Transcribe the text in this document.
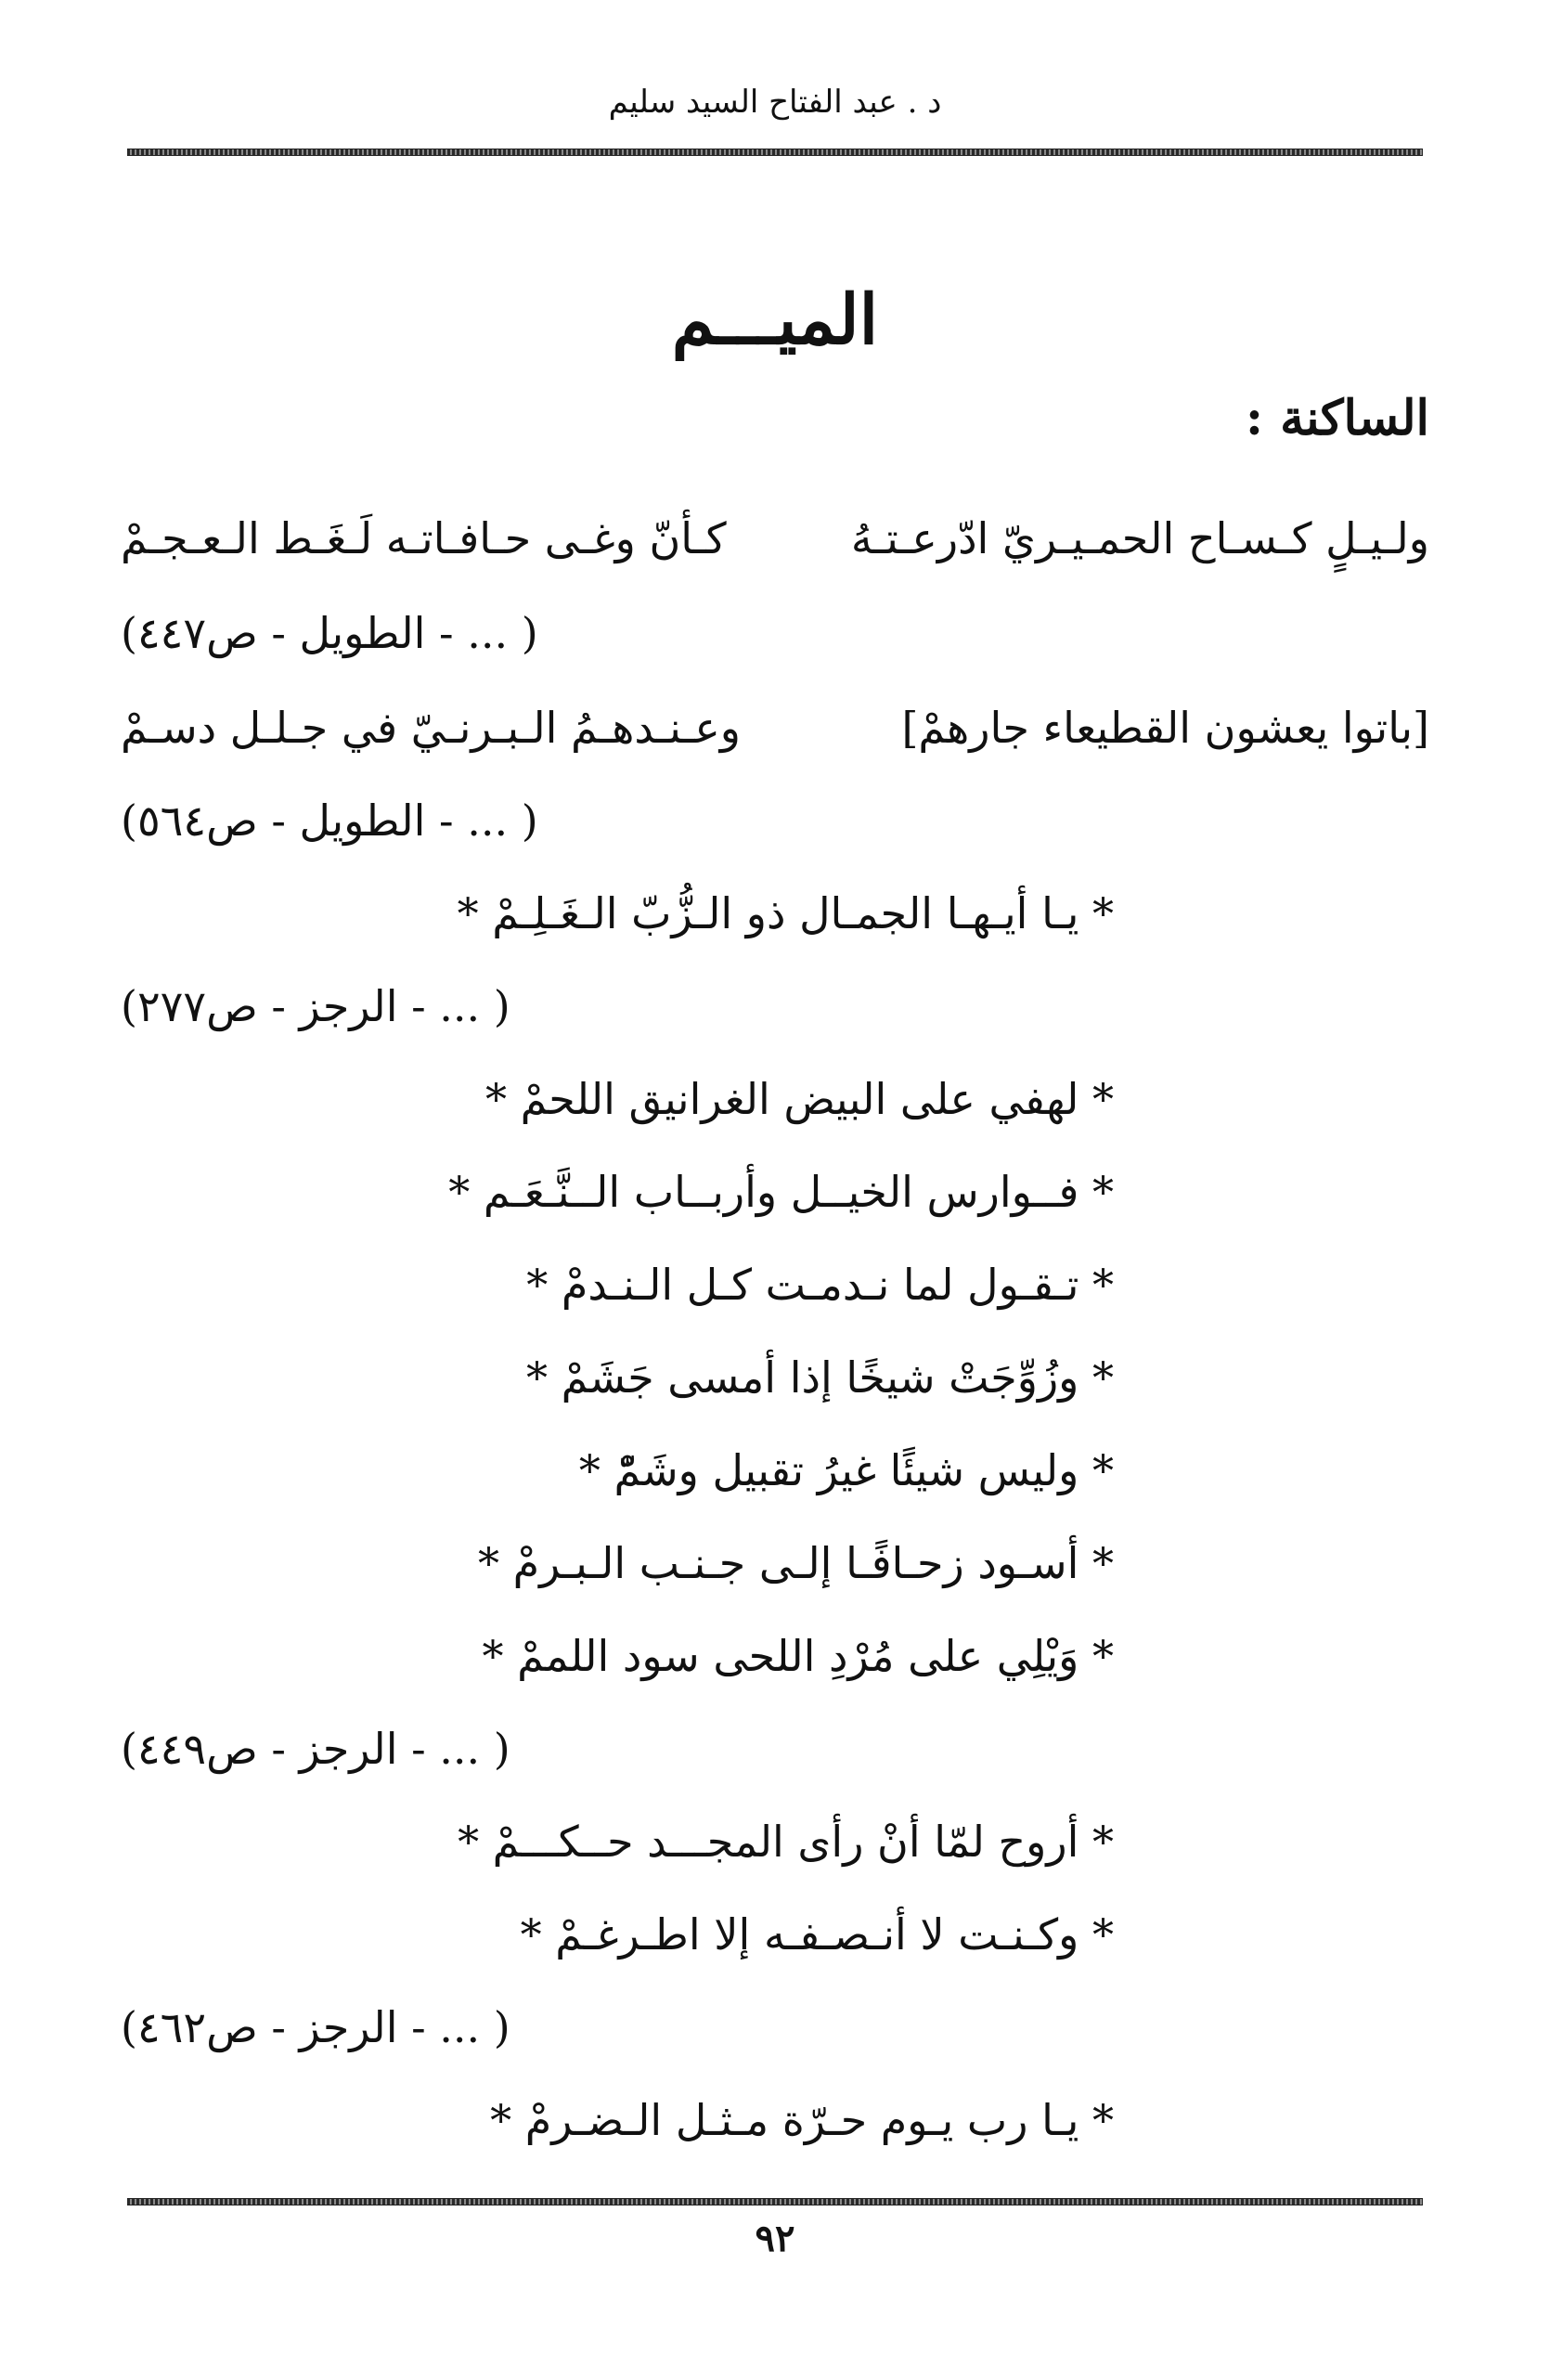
د . عبد الفتاح السيد سليم
الميـــم
الساكنة :
ولـيـلٍ كـسـاح الحمـيـريّ ادّرعـتـهُ
كـأنّ وغـى حـافـاتـه لَـغَـط الـعـجـمْ
( ... - الطويل - ص٤٤٧)
[باتوا يعشون القطيعاء جارهمْ]
وعـنـدهـمُ الـبـرنـيّ في جـلـل دسـمْ
( ... - الطويل - ص٥٦٤)
* يـا أيـهـا الجمـال ذو الـزُّبّ الـغَـلِـمْ *
( ... - الرجز - ص٢٧٧)
* لهفي على البيض الغرانيق اللحمْ *
* فــوارس الخيــل وأربــاب الــنَّـعَـم *
* تـقـول لما نـدمـت كـل الـنـدمْ *
* وزُوِّجَتْ شيخًا إذا أمسى جَشَمْ *
* وليس شيئًا غيرُ تقبيل وشَمّْ *
* أسـود زحـافًـا إلـى جـنـب الـبـرمْ *
* وَيْلِي على مُرْدِ اللحى سود اللممْ *
( ... - الرجز - ص٤٤٩)
* أروح لمّا أنْ رأى المجـــد حــكـــمْ *
* وكـنـت لا أنـصـفـه إلا اطـرغـمْ *
( ... - الرجز - ص٤٦٢)
* يـا رب يـوم حـرّة مـثـل الـضـرمْ *
٩٢
